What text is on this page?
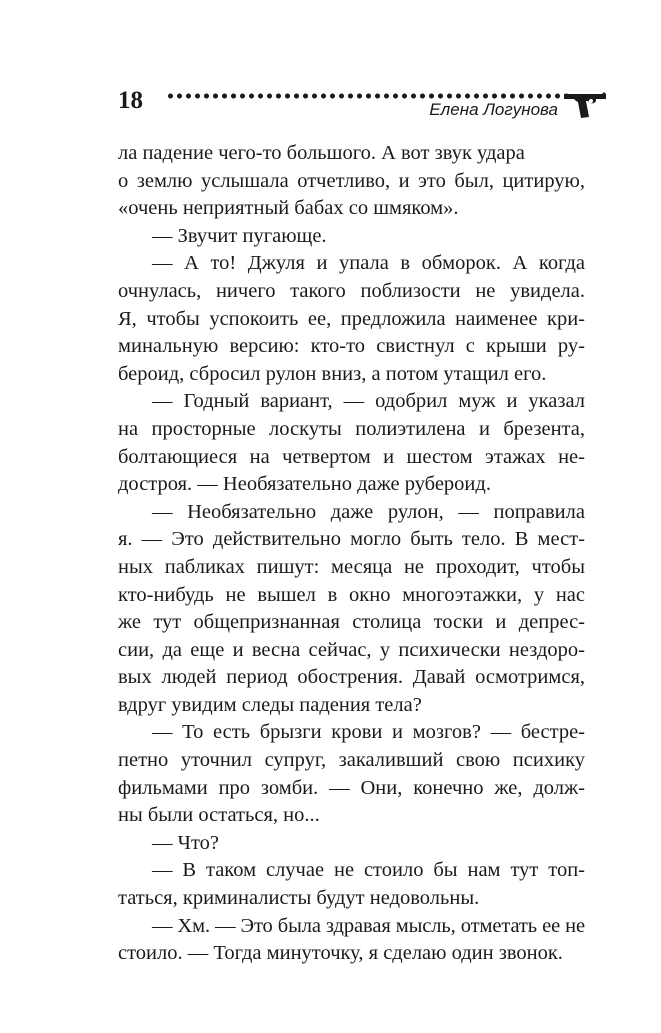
18	Елена Логунова
ла падение чего-то большого. А вот звук удара
о землю услышала отчетливо, и это был, цитирую,
«очень неприятный бабах со шмяком».
— Звучит пугающе.
— А то! Джуля и упала в обморок. А когда
очнулась, ничего такого поблизости не увидела.
Я, чтобы успокоить ее, предложила наименее кри-
минальную версию: кто-то свистнул с крыши ру-
бероид, сбросил рулон вниз, а потом утащил его.
— Годный вариант, — одобрил муж и указал
на просторные лоскуты полиэтилена и брезента,
болтающиеся на четвертом и шестом этажах не-
достроя. — Необязательно даже рубероид.
— Необязательно даже рулон, — поправила
я. — Это действительно могло быть тело. В мест-
ных пабликах пишут: месяца не проходит, чтобы
кто-нибудь не вышел в окно многоэтажки, у нас
же тут общепризнанная столица тоски и депрес-
сии, да еще и весна сейчас, у психически нездоро-
вых людей период обострения. Давай осмотримся,
вдруг увидим следы падения тела?
— То есть брызги крови и мозгов? — бестре-
петно уточнил супруг, закаливший свою психику
фильмами про зомби. — Они, конечно же, долж-
ны были остаться, но...
— Что?
— В таком случае не стоило бы нам тут топ-
таться, криминалисты будут недовольны.
— Хм. — Это была здравая мысль, отметать ее не
стоило. — Тогда минуточку, я сделаю один звонок.
